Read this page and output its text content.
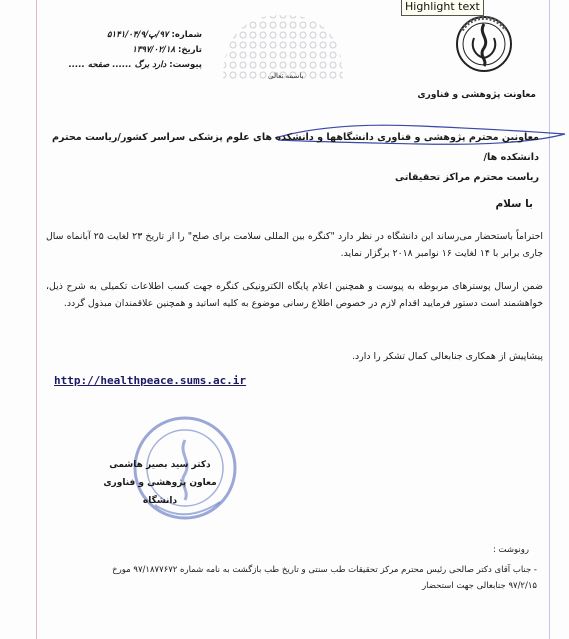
Highlight text
باسمه تعالی
شماره: ۹۷/پ/۵۱۴۱/۰۴/۹
تاریخ: ۱۳۹۷/۰۲/۱۸
پیوست: دارد برگ ...... صفحه .....
معاونت پژوهشی و فناوری
معاونین محترم پژوهشی و فناوری دانشگاهها و دانشکده های علوم پزشکی سراسر کشور/ریاست محترم دانشکده ها/
ریاست محترم مراکز تحقیقاتی
با سلام
احتراماً باستحضار می‌رساند این دانشگاه در نظر دارد "کنگره بین المللی سلامت برای صلح" را از تاریخ ۲۳ لغایت ۲۵ آبانماه سال جاری برابر با ۱۴ لغایت ۱۶ نوامبر ۲۰۱۸ برگزار نماید.
ضمن ارسال پوسترهای مربوطه به پیوست و همچنین اعلام پایگاه الکترونیکی کنگره جهت کسب اطلاعات تکمیلی به شرح ذیل، خواهشمند است دستور فرمایید اقدام لازم در خصوص اطلاع رسانی موضوع به کلیه اساتید و همچنین علاقمندان مبذول گردد.
پیشاپیش از همکاری جنابعالی کمال تشکر را دارد.
http://healthpeace.sums.ac.ir
دکتر سید بصیر هاشمی
معاون پژوهشی و فناوری دانشگاه
رونوشت :
- جناب آقای دکتر صالحی رئیس محترم مرکز تحقیقات طب سنتی و تاریخ طب بازگشت به نامه شماره ۹۷/۱۸۷۷۶۷۲ مورخ
۹۷/۲/۱۵ جنابعالی جهت استحضار
